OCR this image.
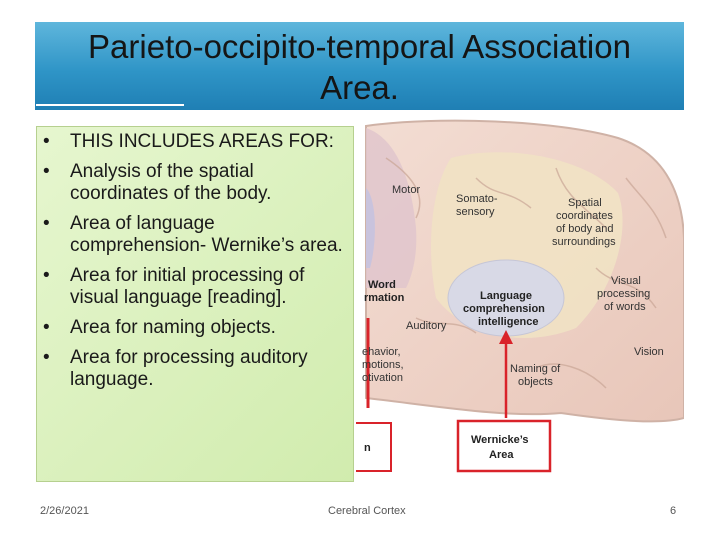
Parieto-occipito-temporal Association
Area.
• THIS INCLUDES AREAS FOR:
• Analysis of the spatial coordinates of the body.
• Area of language comprehension- Wernike’s area.
• Area for initial processing of visual language [reading].
• Area for naming objects.
• Area for processing auditory language.
Motor
Somato-
sensory
Spatial
coordinates
of body and
surroundings
Visual
processing
of words
Word
rmation	Language
comprehension
intelligence
Auditory
Vision
ehavior,
motions,
otivation
Naming of
objects
n
Wernicke’s
Area
2/26/2021	Cerebral Cortex	6
